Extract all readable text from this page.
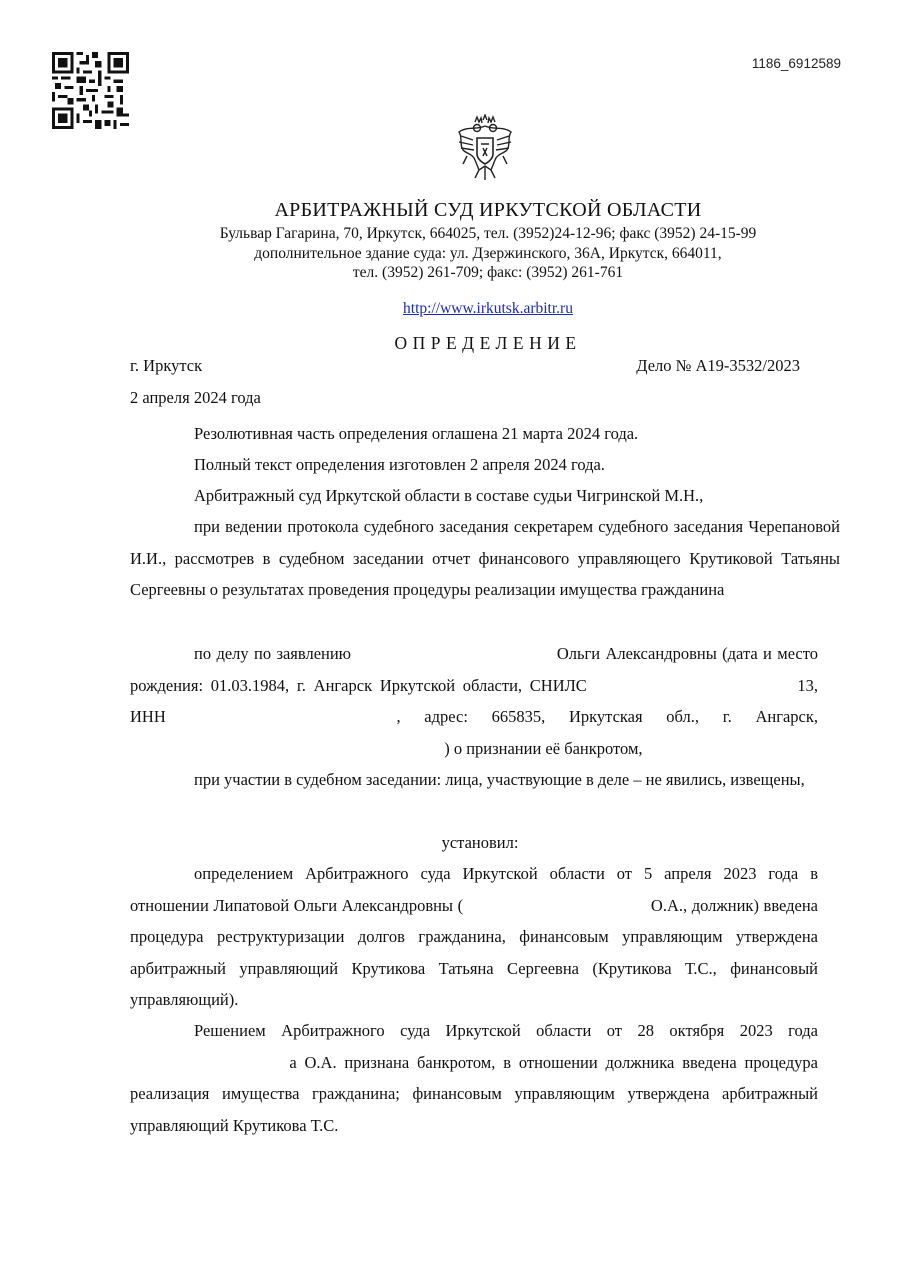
1186_6912589
АРБИТРАЖНЫЙ СУД ИРКУТСКОЙ ОБЛАСТИ
Бульвар Гагарина, 70, Иркутск, 664025, тел. (3952)24-12-96; факс (3952) 24-15-99
дополнительное здание суда: ул. Дзержинского, 36А, Иркутск, 664011,
тел. (3952) 261-709; факс: (3952) 261-761
http://www.irkutsk.arbitr.ru
ОПРЕДЕЛЕНИЕ
г. Иркутск	Дело № А19-3532/2023
2 апреля 2024 года

Резолютивная часть определения оглашена 21 марта 2024 года.

Полный текст определения изготовлен 2 апреля 2024 года.

Арбитражный суд Иркутской области в составе судьи Чигринской М.Н.,

при ведении протокола судебного заседания секретарем судебного заседания Черепановой И.И., рассмотрев в судебном заседании отчет финансового управляющего Крутиковой Татьяны Сергеевны о результатах проведения процедуры реализации имущества гражданина

по делу по заявлению	Ольги Александровны (дата и место рождения: 01.03.1984, г. Ангарск Иркутской области, СНИЛС	13, ИНН	, адрес: 665835, Иркутская обл., г. Ангарск, ) о признании её банкротом,

при участии в судебном заседании: лица, участвующие в деле – не явились, извещены,

установил:

определением Арбитражного суда Иркутской области от 5 апреля 2023 года в отношении Липатовой Ольги Александровны (	О.А., должник) введена процедура реструктуризации долгов гражданина, финансовым управляющим утверждена арбитражный управляющий Крутикова Татьяна Сергеевна (Крутикова Т.С., финансовый управляющий).

Решением Арбитражного суда Иркутской области от 28 октября 2023 года а О.А. признана банкротом, в отношении должника введена процедура реализация имущества гражданина; финансовым управляющим утверждена арбитражный управляющий Крутикова Т.С.
